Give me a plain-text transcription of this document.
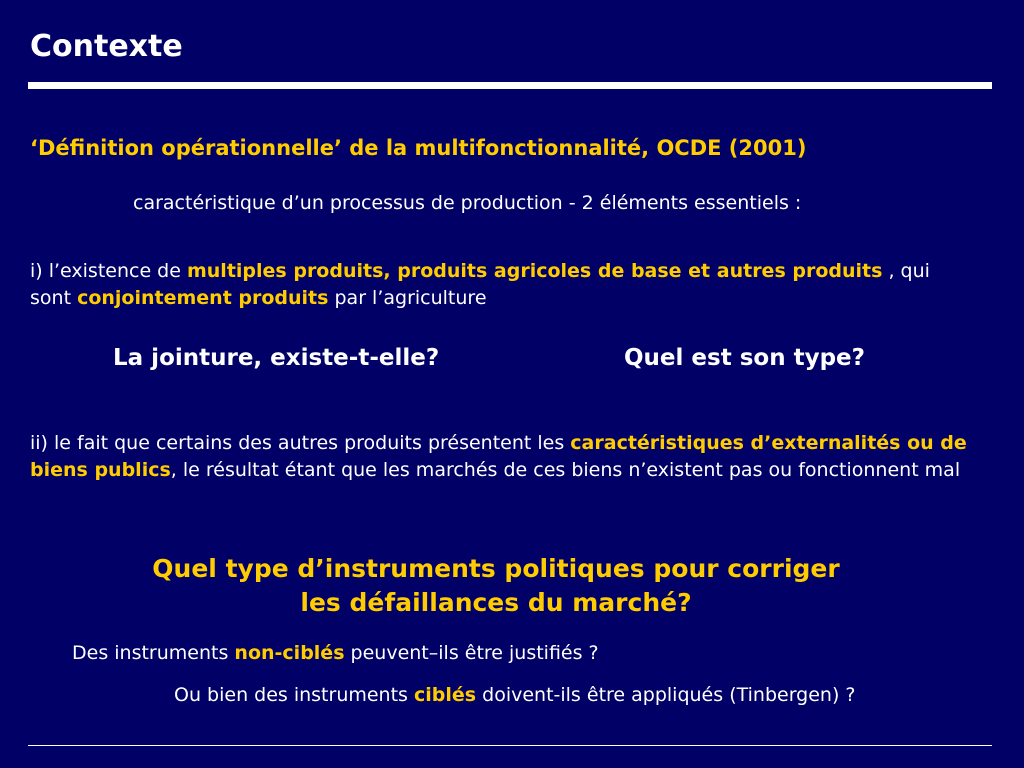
Contexte
‘Définition opérationnelle’ de la multifonctionnalité, OCDE (2001)
caractéristique d’un processus de production - 2 éléments essentiels :
i) l’existence de multiples produits, produits agricoles de base et autres produits , qui sont conjointement produits par l’agriculture
La jointure, existe-t-elle?	Quel est son type?
ii) le fait que certains des autres produits présentent les caractéristiques d’externalités ou de biens publics, le résultat étant que les marchés de ces biens n’existent pas ou fonctionnent mal
Quel type d’instruments politiques pour corriger
les défaillances du marché?
Des instruments non-ciblés peuvent–ils être justifiés ?
Ou bien des instruments ciblés doivent-ils être appliqués (Tinbergen) ?
